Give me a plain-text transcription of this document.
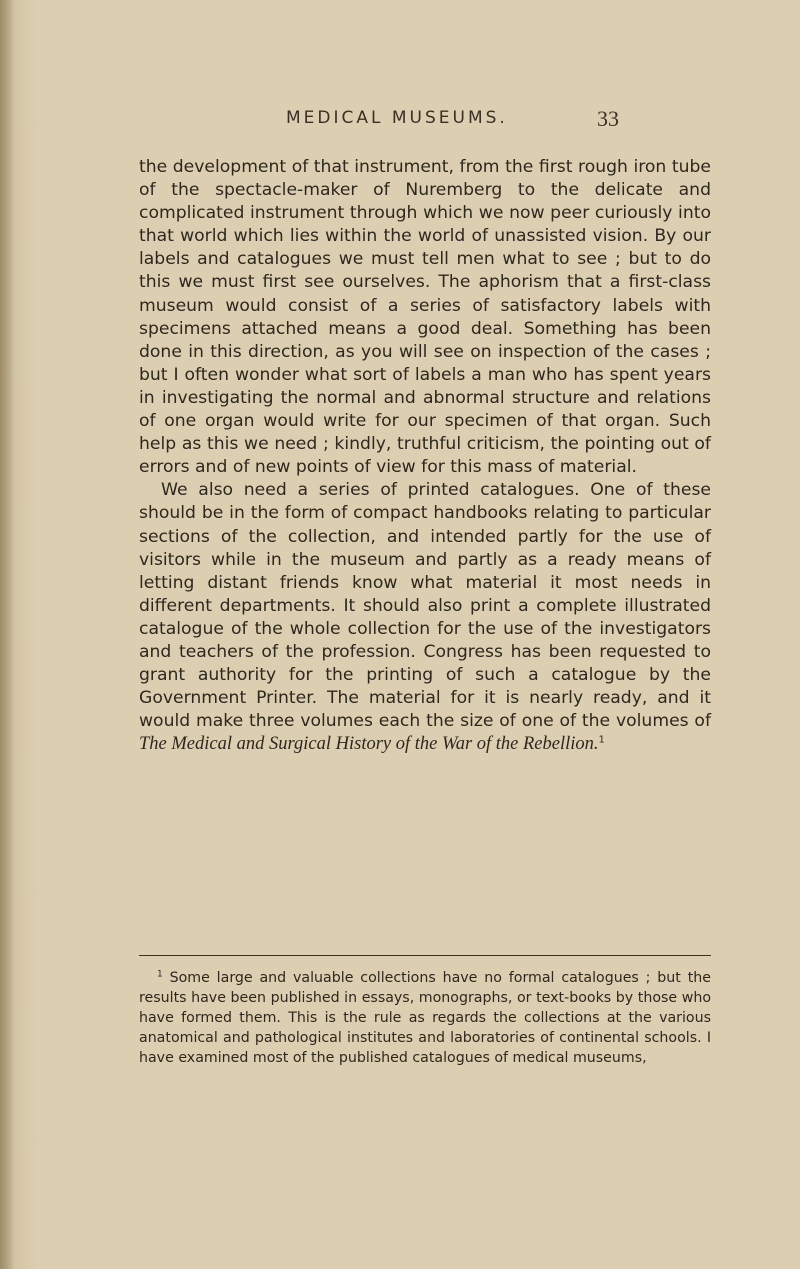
MEDICAL MUSEUMS.	33

the development of that instrument, from the first rough iron tube of the spectacle-maker of Nuremberg to the delicate and complicated instrument through which we now peer curiously into that world which lies within the world of unassisted vision. By our labels and catalogues we must tell men what to see ; but to do this we must first see ourselves. The aphorism that a first-class museum would consist of a series of satisfactory labels with specimens attached means a good deal. Something has been done in this direction, as you will see on inspection of the cases ; but I often wonder what sort of labels a man who has spent years in investigating the normal and abnormal structure and relations of one organ would write for our specimen of that organ. Such help as this we need ; kindly, truthful criticism, the pointing out of errors and of new points of view for this mass of material.

We also need a series of printed catalogues. One of these should be in the form of compact handbooks relating to particular sections of the collection, and intended partly for the use of visitors while in the museum and partly as a ready means of letting distant friends know what material it most needs in different departments. It should also print a complete illustrated catalogue of the whole collection for the use of the investigators and teachers of the profession. Congress has been requested to grant authority for the printing of such a catalogue by the Government Printer. The material for it is nearly ready, and it would make three volumes each the size of one of the volumes of The Medical and Surgical History of the War of the Rebellion.$^1$

$^1$ Some large and valuable collections have no formal catalogues ; but the results have been published in essays, monographs, or text-books by those who have formed them. This is the rule as regards the collections at the various anatomical and pathological institutes and laboratories of continental schools. I have examined most of the published catalogues of medical museums,
